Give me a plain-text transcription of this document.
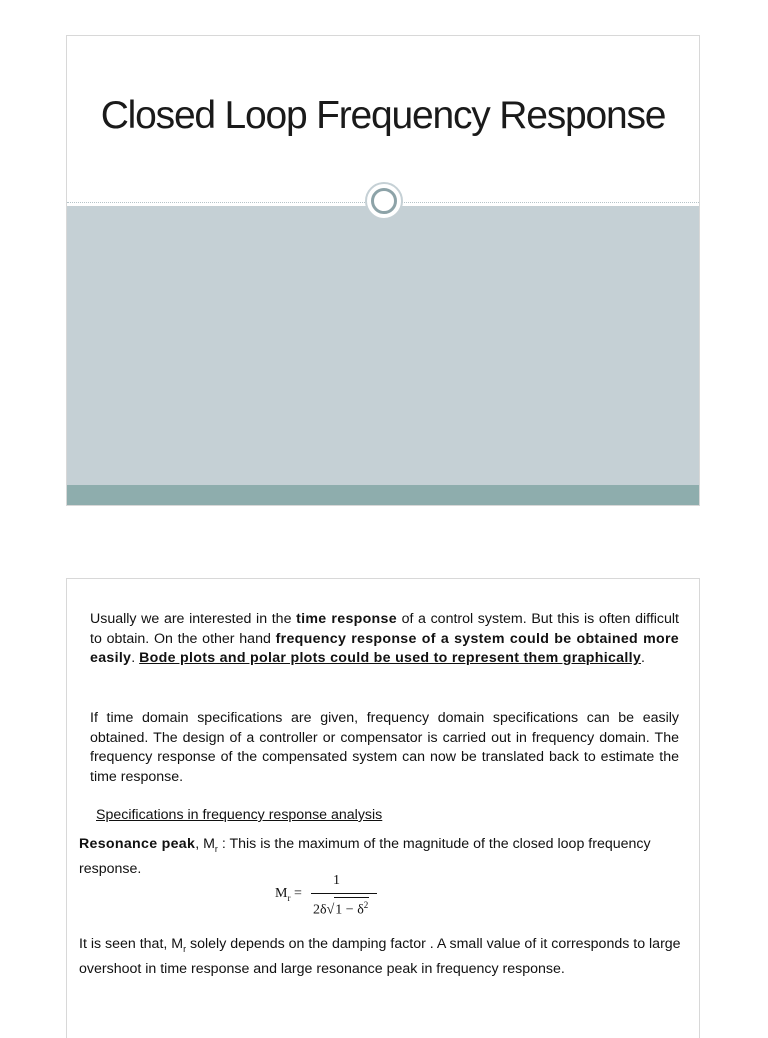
Closed Loop Frequency Response
Usually we are interested in the time response of a control system. But this is often difficult to obtain. On the other hand frequency response of a system could be obtained more easily. Bode plots and polar plots could be used to represent them graphically.
If time domain specifications are given, frequency domain specifications can be easily obtained. The design of a controller or compensator is carried out in frequency domain. The frequency response of the compensated system can now be translated back to estimate the time response.
Specifications in frequency response analysis
Resonance peak, $M_r$ : This is the maximum of the magnitude of the closed loop frequency response.
$M_r$ =
1
$2\delta√1 - \delta^2$
It is seen that, $M_r$ solely depends on the damping factor . A small value of it corresponds to large overshoot in time response and large resonance peak in frequency response.
